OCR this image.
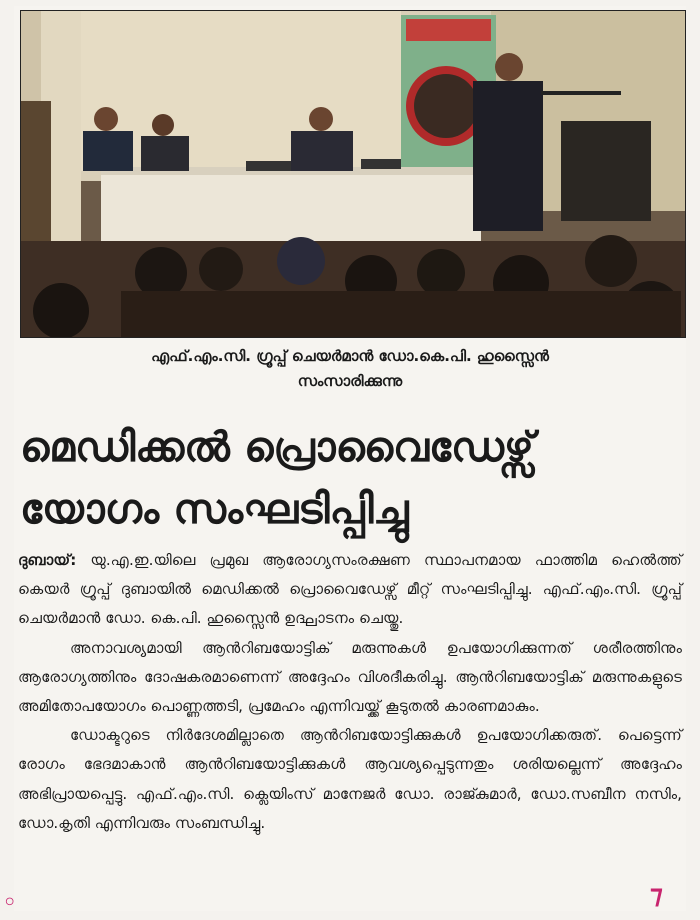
എഫ്.എം.സി. ഗ്രൂപ്പ് ചെയർമാൻ ഡോ.കെ.പി. ഹുസ്സൈൻ
സംസാരിക്കുന്നു
മെഡിക്കൽ പ്രൊവൈഡേഴ്സ്
യോഗം സംഘടിപ്പിച്ചു

ദുബായ്: യു.എ.ഇ.യിലെ പ്രമുഖ ആരോഗ്യസംരക്ഷണ സ്ഥാപനമായ ഫാത്തിമ ഹെൽത്ത് കെയർ ഗ്രൂപ്പ് ദുബായിൽ മെഡിക്കൽ പ്രൊവൈഡേഴ്സ് മീറ്റ് സംഘടിപ്പിച്ചു. എഫ്.എം.സി. ഗ്രൂപ്പ് ചെയർമാൻ ഡോ. കെ.പി. ഹുസ്സൈൻ ഉദ്ഘാടനം ചെയ്തു.

അനാവശ്യമായി ആൻറിബയോട്ടിക് മരുന്നുകൾ ഉപയോഗിക്കുന്നത് ശരീരത്തിനും ആരോഗ്യത്തിനും ദോഷകരമാണെന്ന് അദ്ദേഹം വിശദീകരിച്ചു. ആൻറിബയോട്ടിക് മരുന്നുകളുടെ അമിതോപയോഗം പൊണ്ണത്തടി, പ്രമേഹം എന്നിവയ്ക്ക് കൂടുതൽ കാരണമാകും.

ഡോക്ടറുടെ നിർദേശമില്ലാതെ ആൻറിബയോട്ടിക്കുകൾ ഉപയോഗിക്കരുത്. പെട്ടെന്ന് രോഗം ഭേദമാകാൻ ആൻറിബയോട്ടിക്കുകൾ ആവശ്യപ്പെടുന്നതും ശരിയല്ലെന്ന് അദ്ദേഹം അഭിപ്രായപ്പെട്ടു. എഫ്.എം.സി. ക്ലെയിംസ് മാനേജർ ഡോ. രാജ്കുമാർ, ഡോ.സബീന നസിം, ഡോ.കൃതി എന്നിവരും സംബന്ധിച്ചു.

◦	⁊
